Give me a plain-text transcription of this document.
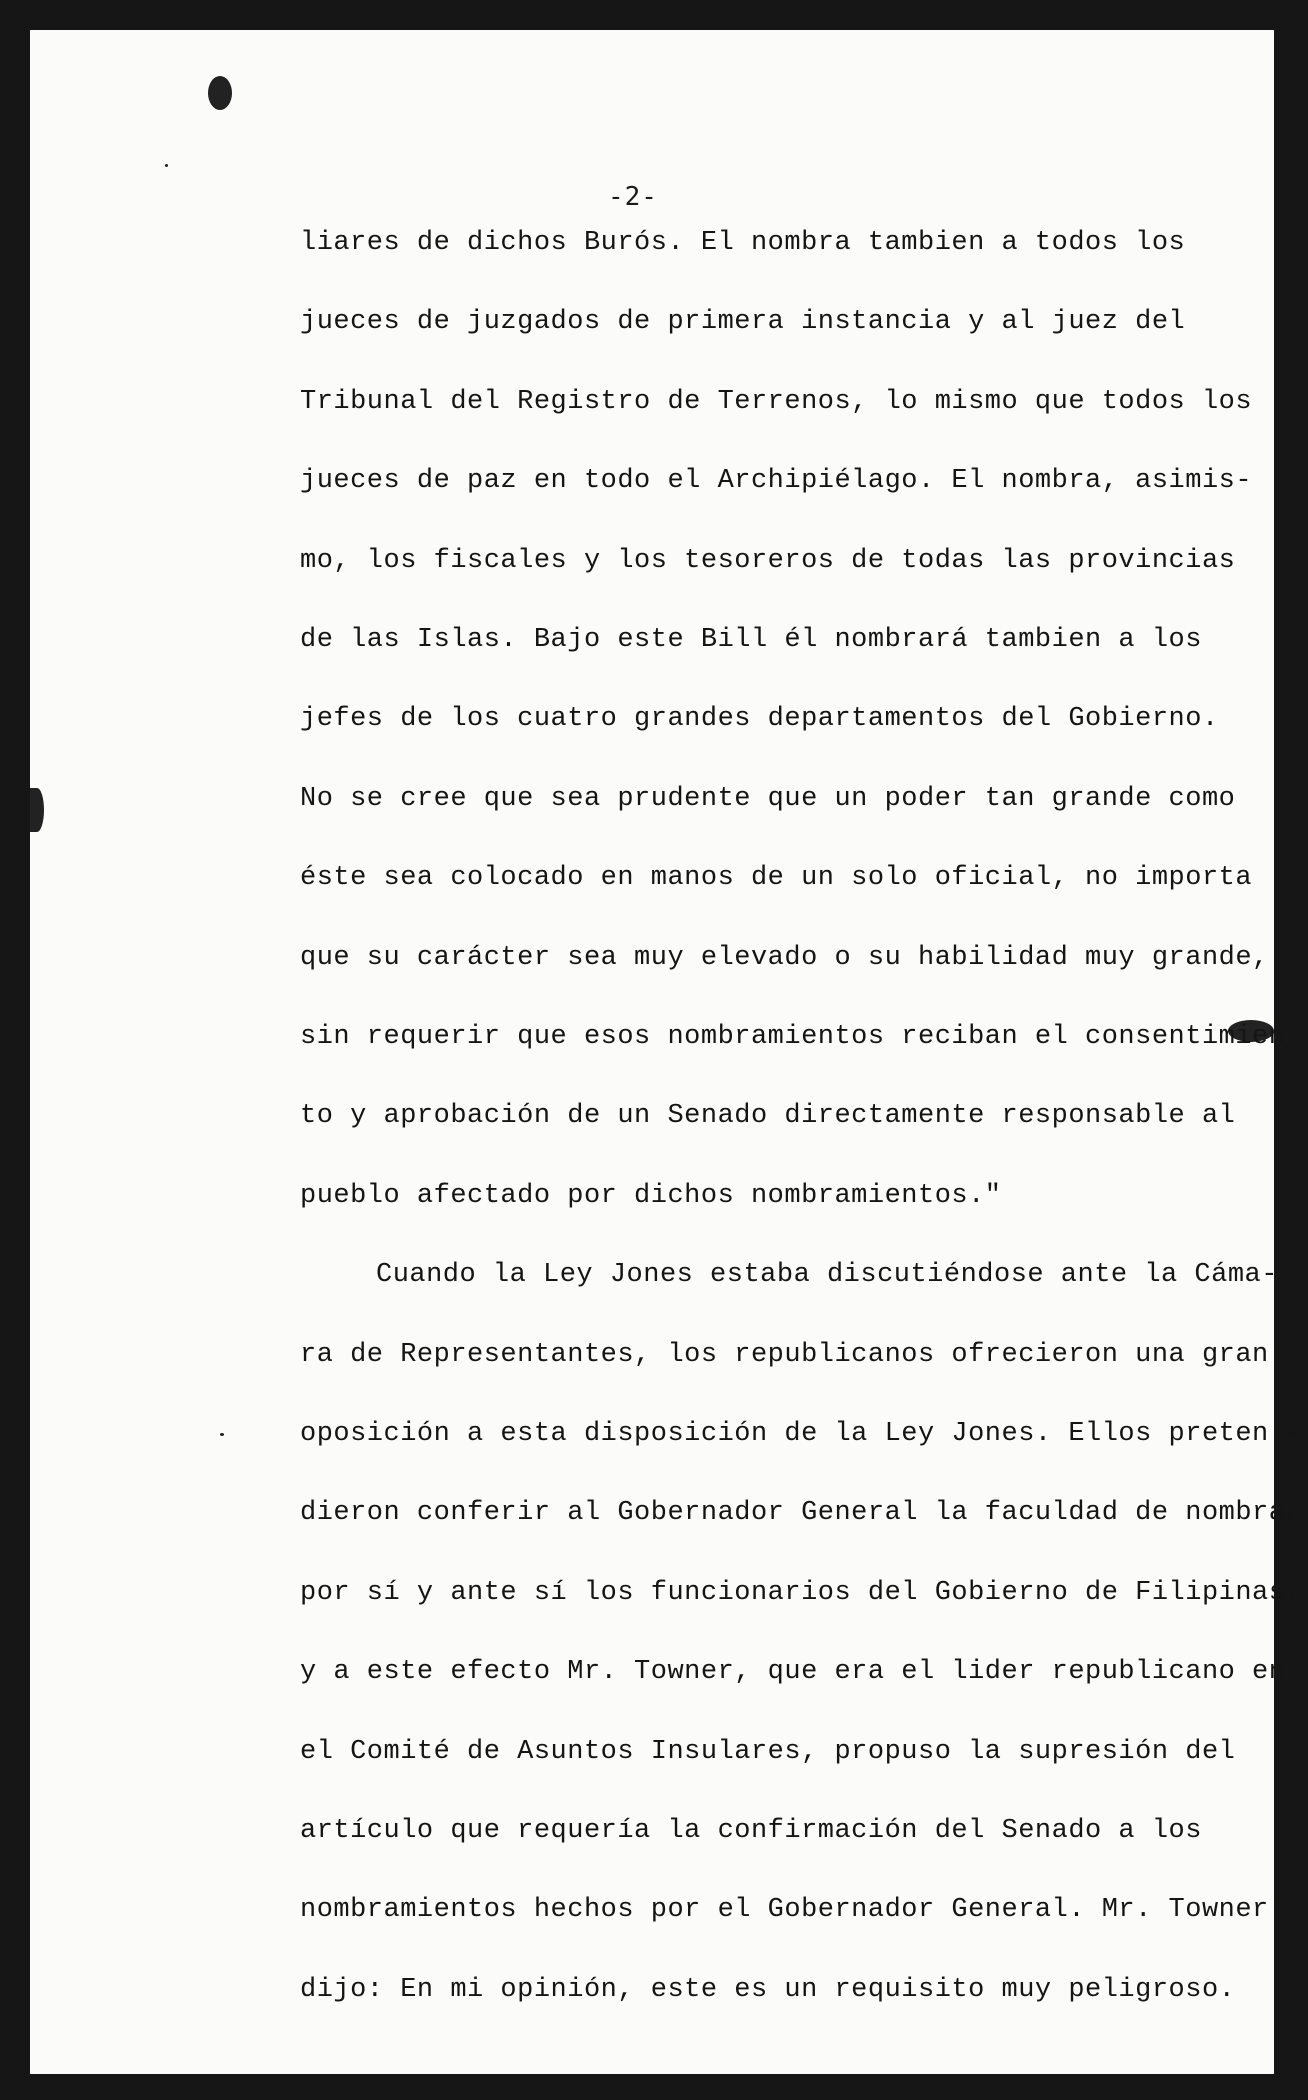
-2-
liares de dichos Burós. El nombra tambien a todos los
jueces de juzgados de primera instancia y al juez del
Tribunal del Registro de Terrenos, lo mismo que todos los
jueces de paz en todo el Archipiélago. El nombra, asimis-
mo, los fiscales y los tesoreros de todas las provincias
de las Islas. Bajo este Bill él nombrará tambien a los
jefes de los cuatro grandes departamentos del Gobierno.
No se cree que sea prudente que un poder tan grande como
éste sea colocado en manos de un solo oficial, no importa
que su carácter sea muy elevado o su habilidad muy grande,
sin requerir que esos nombramientos reciban el consentimien-
to y aprobación de un Senado directamente responsable al
pueblo afectado por dichos nombramientos."
Cuando la Ley Jones estaba discutiéndose ante la Cáma-
ra de Representantes, los republicanos ofrecieron una gran
oposición a esta disposición de la Ley Jones. Ellos preten -
dieron conferir al Gobernador General la faculdad de nombrar
por sí y ante sí los funcionarios del Gobierno de Filipinas,
y a este efecto Mr. Towner, que era el lider republicano en
el Comité de Asuntos Insulares, propuso la supresión del
artículo que requería la confirmación del Senado a los
nombramientos hechos por el Gobernador General. Mr. Towner
dijo: En mi opinión, este es un requisito muy peligroso.
